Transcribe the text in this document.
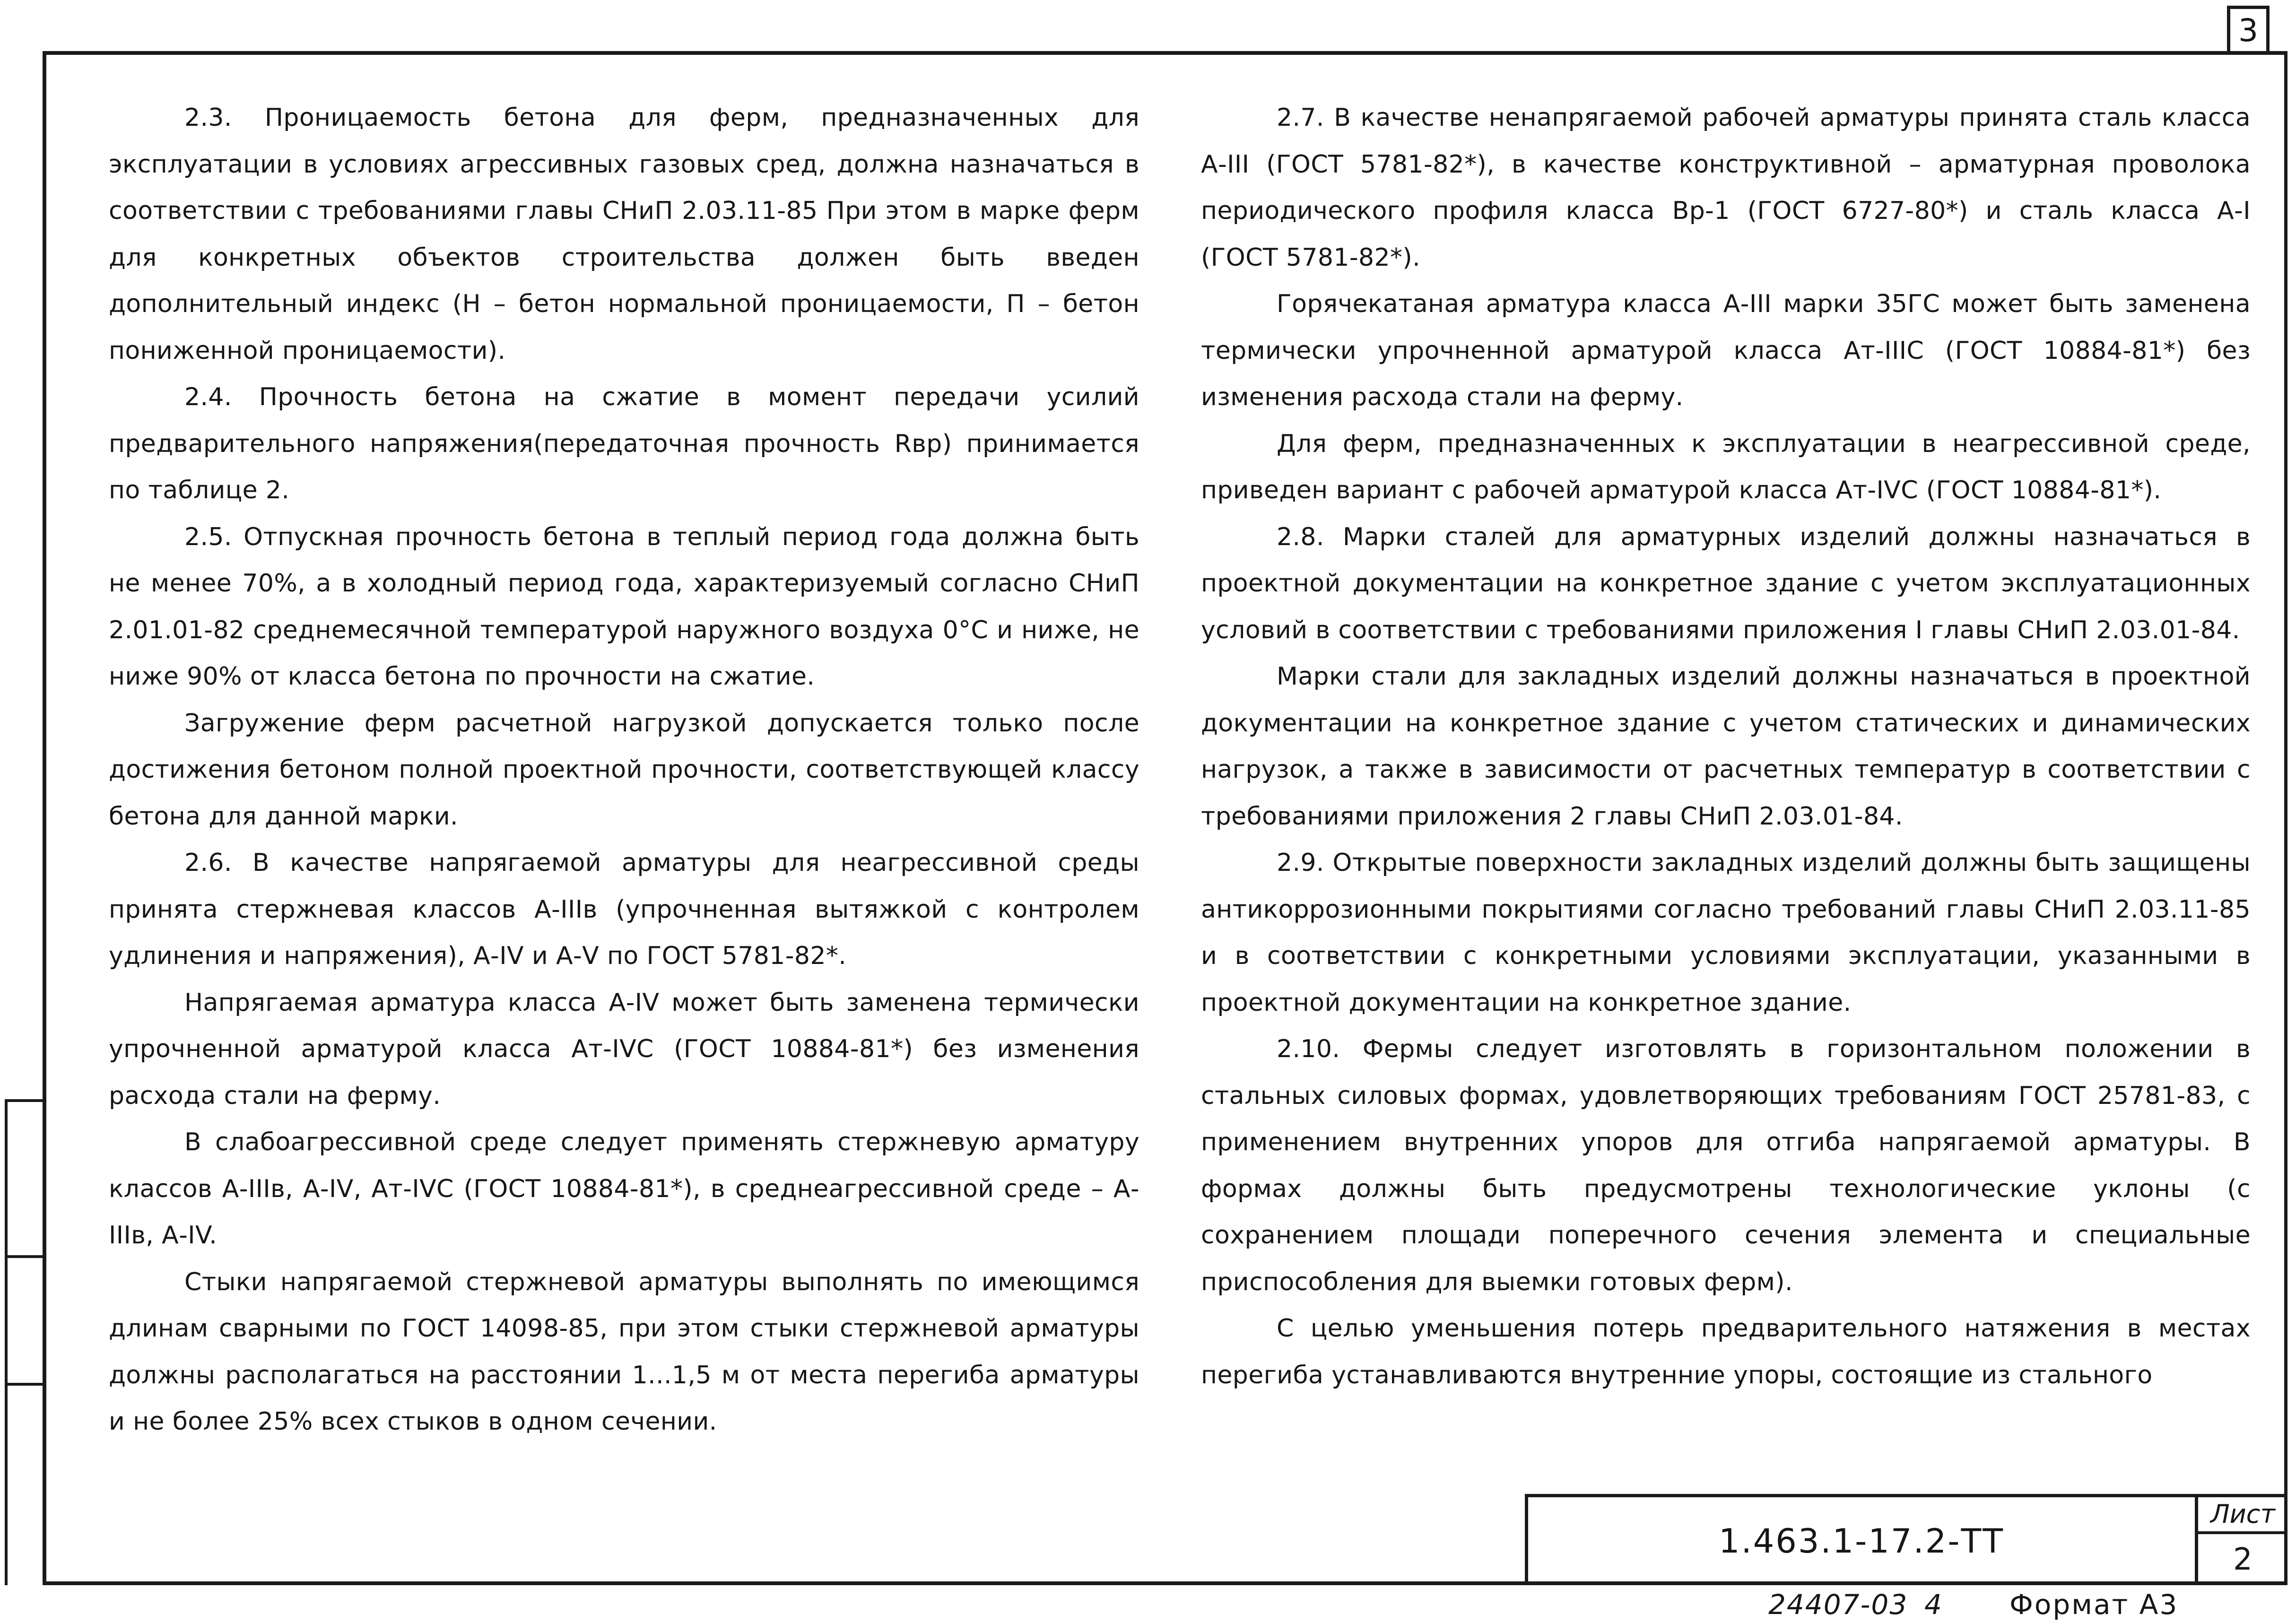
3

2.3. Проницаемость бетона для ферм, предназначенных для эксплуатации в условиях агрессивных газовых сред, должна назначаться в соответствии с требованиями главы СНиП 2.03.11-85 При этом в марке ферм для конкретных объектов строительства должен быть введен дополнительный индекс (Н – бетон нормальной проницаемости, П – бетон пониженной проницаемости).

2.4. Прочность бетона на сжатие в момент передачи усилий предварительного напряжения(передаточная прочность Rвр) принимается по таблице 2.

2.5. Отпускная прочность бетона в теплый период года должна быть не менее 70%, а в холодный период года, характеризуемый согласно СНиП 2.01.01-82 среднемесячной температурой наружного воздуха 0°С и ниже, не ниже 90% от класса бетона по прочности на сжатие.

Загружение ферм расчетной нагрузкой допускается только после достижения бетоном полной проектной прочности, соответствующей классу бетона для данной марки.

2.6. В качестве напрягаемой арматуры для неагрессивной среды принята стержневая классов А-IIIв (упрочненная вытяжкой с контролем удлинения и напряжения), А-IV и А-V по ГОСТ 5781-82*.

Напрягаемая арматура класса А-IV может быть заменена термически упрочненной арматурой класса Ат-IVС (ГОСТ 10884-81*) без изменения расхода стали на ферму.

В слабоагрессивной среде следует применять стержневую арматуру классов А-IIIв, А-IV, Ат-IVС (ГОСТ 10884-81*), в среднеагрессивной среде – А-IIIв, А-IV.

Стыки напрягаемой стержневой арматуры выполнять по имеющимся длинам сварными по ГОСТ 14098-85, при этом стыки стержневой арматуры должны располагаться на расстоянии 1...1,5 м от места перегиба арматуры и не более 25% всех стыков в одном сечении.

2.7. В качестве ненапрягаемой рабочей арматуры принята сталь класса А-III (ГОСТ 5781-82*), в качестве конструктивной – арматурная проволока периодического профиля класса Вр-1 (ГОСТ 6727-80*) и сталь класса А-I (ГОСТ 5781-82*).

Горячекатаная арматура класса А-III марки 35ГС может быть заменена термически упрочненной арматурой класса Ат-IIIС (ГОСТ 10884-81*) без изменения расхода стали на ферму.

Для ферм, предназначенных к эксплуатации в неагрессивной среде, приведен вариант с рабочей арматурой класса Ат-IVС (ГОСТ 10884-81*).

2.8. Марки сталей для арматурных изделий должны назначаться в проектной документации на конкретное здание с учетом эксплуатационных условий в соответствии с требованиями приложения I главы СНиП 2.03.01-84.

Марки стали для закладных изделий должны назначаться в проектной документации на конкретное здание с учетом статических и динамических нагрузок, а также в зависимости от расчетных температур в соответствии с требованиями приложения 2 главы СНиП 2.03.01-84.

2.9. Открытые поверхности закладных изделий должны быть защищены антикоррозионными покрытиями согласно требований главы СНиП 2.03.11-85 и в соответствии с конкретными условиями эксплуатации, указанными в проектной документации на конкретное здание.

2.10. Фермы следует изготовлять в горизонтальном положении в стальных силовых формах, удовлетворяющих требованиям ГОСТ 25781-83, с применением внутренних упоров для отгиба напрягаемой арматуры. В формах должны быть предусмотрены технологические уклоны (с сохранением площади поперечного сечения элемента и специальные приспособления для выемки готовых ферм).

С целью уменьшения потерь предварительного натяжения в местах перегиба устанавливаются внутренние упоры, состоящие из стального

1.463.1-17.2-ТТ
Лист
2
24407-03 4 Формат А3
